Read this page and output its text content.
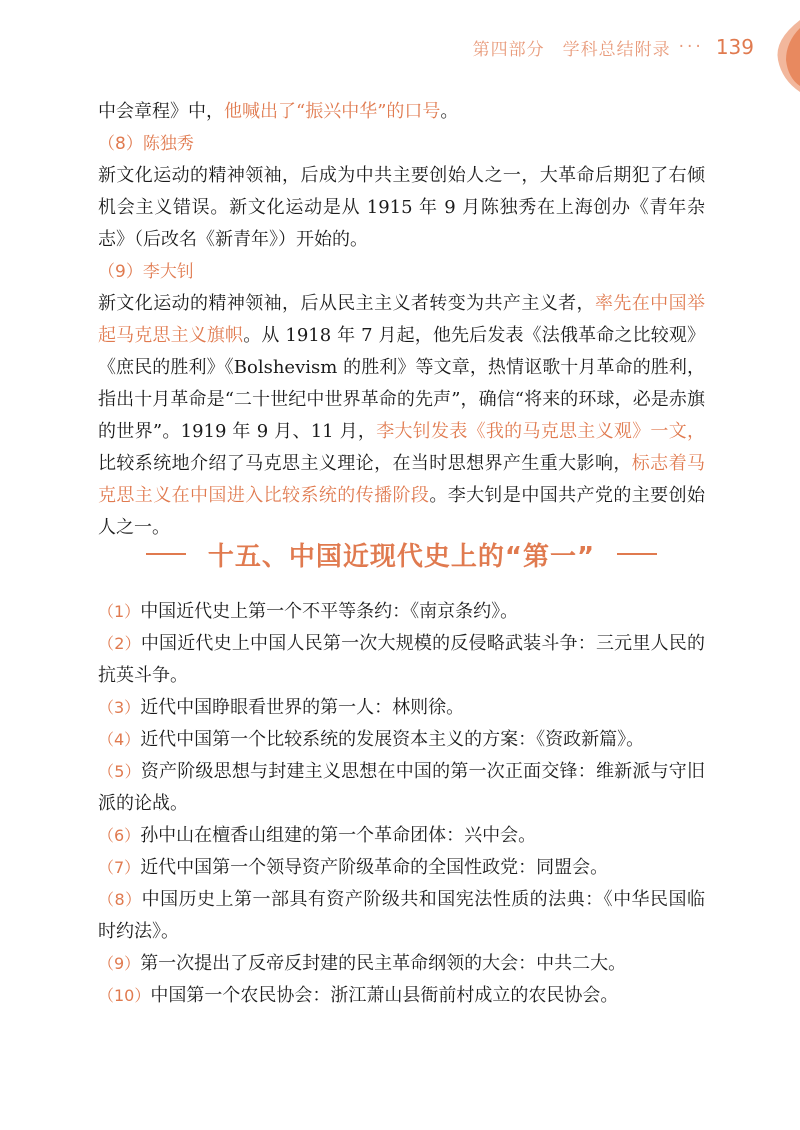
第四部分　学科总结附录 ··· 139

中会章程》中，他喊出了“振兴中华”的口号。

（8）陈独秀

新文化运动的精神领袖，后成为中共主要创始人之一，大革命后期犯了右倾机会主义错误。新文化运动是从 1915 年 9 月陈独秀在上海创办《青年杂志》（后改名《新青年》）开始的。

（9）李大钊

新文化运动的精神领袖，后从民主主义者转变为共产主义者，率先在中国举起马克思主义旗帜。从 1918 年 7 月起，他先后发表《法俄革命之比较观》《庶民的胜利》《Bolshevism 的胜利》等文章，热情讴歌十月革命的胜利，指出十月革命是“二十世纪中世界革命的先声”，确信“将来的环球，必是赤旗的世界”。1919 年 9 月、11 月，李大钊发表《我的马克思主义观》一文，比较系统地介绍了马克思主义理论，在当时思想界产生重大影响，标志着马克思主义在中国进入比较系统的传播阶段。李大钊是中国共产党的主要创始人之一。

十五、中国近现代史上的“第一”
（1）中国近代史上第一个不平等条约：《南京条约》。
（2）中国近代史上中国人民第一次大规模的反侵略武装斗争：三元里人民的抗英斗争。
（3）近代中国睁眼看世界的第一人：林则徐。
（4）近代中国第一个比较系统的发展资本主义的方案：《资政新篇》。
（5）资产阶级思想与封建主义思想在中国的第一次正面交锋：维新派与守旧派的论战。
（6）孙中山在檀香山组建的第一个革命团体：兴中会。
（7）近代中国第一个领导资产阶级革命的全国性政党：同盟会。
（8）中国历史上第一部具有资产阶级共和国宪法性质的法典：《中华民国临时约法》。
（9）第一次提出了反帝反封建的民主革命纲领的大会：中共二大。
（10）中国第一个农民协会：浙江萧山县衙前村成立的农民协会。
